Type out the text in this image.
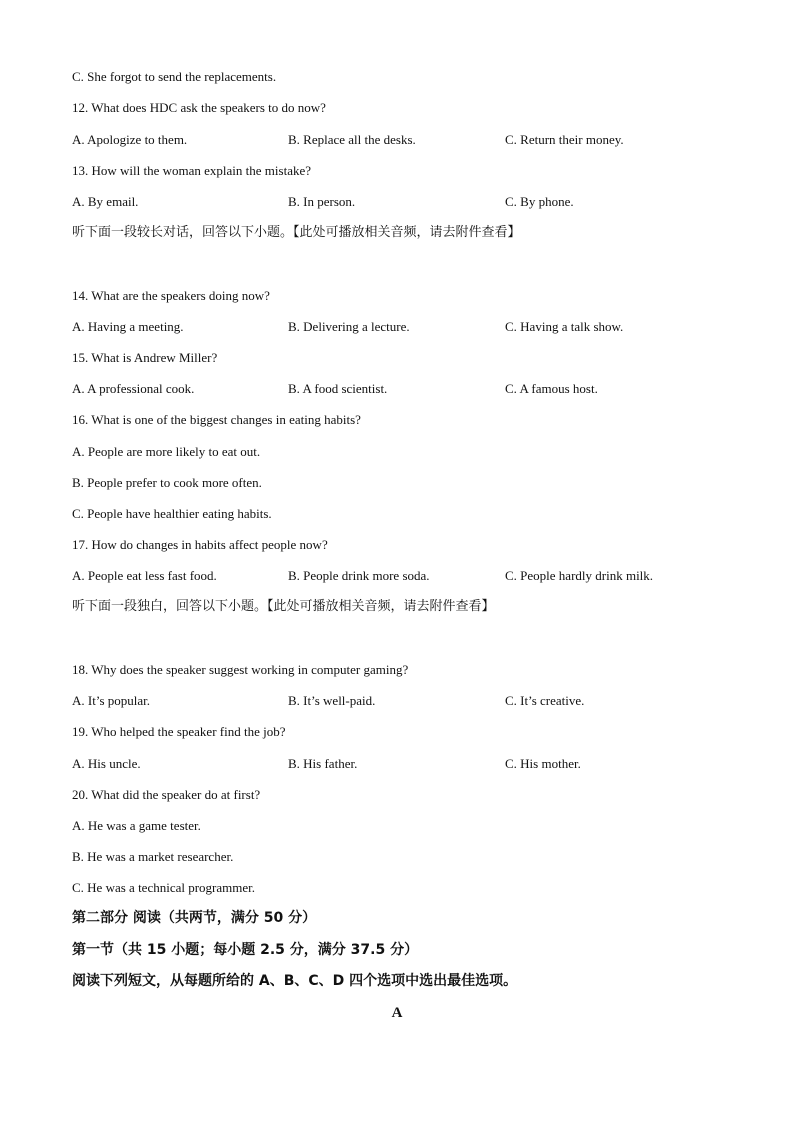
C. She forgot to send the replacements.
12. What does HDC ask the speakers to do now?
A. Apologize to them.	B. Replace all the desks.	C. Return their money.
13. How will the woman explain the mistake?
A. By email.	B. In person.	C. By phone.
听下面一段较长对话，回答以下小题。【此处可播放相关音频，请去附件查看】
14. What are the speakers doing now?
A. Having a meeting.	B. Delivering a lecture.	C. Having a talk show.
15. What is Andrew Miller?
A. A professional cook.	B. A food scientist.	C. A famous host.
16. What is one of the biggest changes in eating habits?
A. People are more likely to eat out.
B. People prefer to cook more often.
C. People have healthier eating habits.
17. How do changes in habits affect people now?
A. People eat less fast food.	B. People drink more soda.	C. People hardly drink milk.
听下面一段独白，回答以下小题。【此处可播放相关音频，请去附件查看】
18. Why does the speaker suggest working in computer gaming?
A. It’s popular.	B. It’s well-paid.	C. It’s creative.
19. Who helped the speaker find the job?
A. His uncle.	B. His father.	C. His mother.
20. What did the speaker do at first?
A. He was a game tester.
B. He was a market researcher.
C. He was a technical programmer.
第二部分 阅读（共两节，满分 50 分）
第一节（共 15 小题；每小题 2.5 分，满分 37.5 分）
阅读下列短文，从每题所给的 A、B、C、D 四个选项中选出最佳选项。
A
